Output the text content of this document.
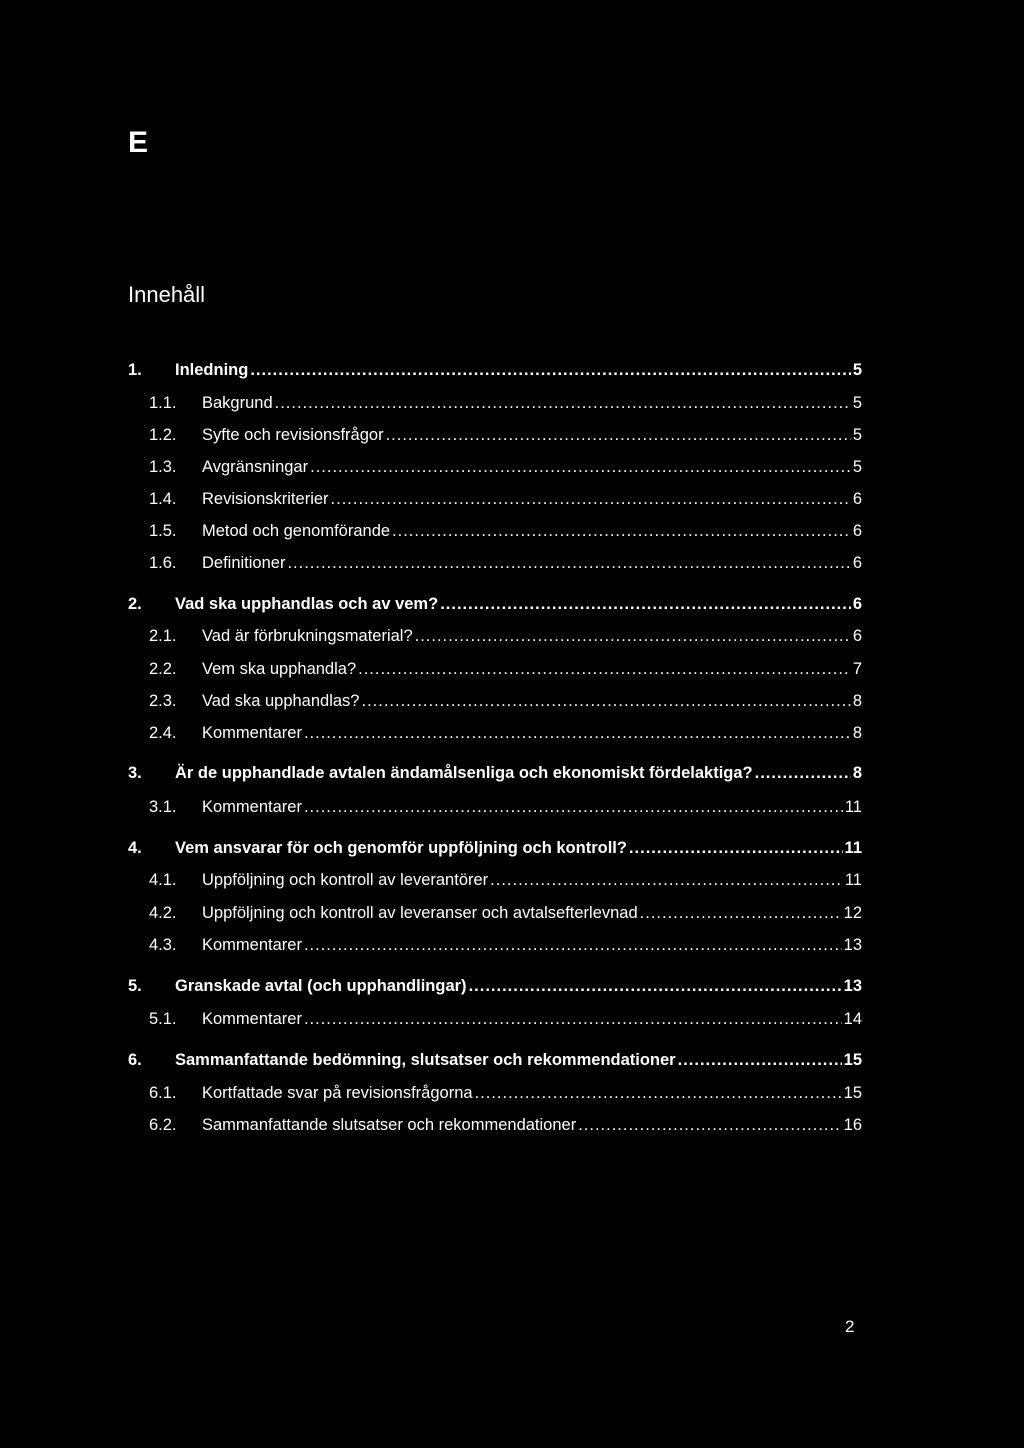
E
Innehåll
1.	Inledning .....	5
1.1.	Bakgrund .....	5
1.2.	Syfte och revisionsfrågor .....	5
1.3.	Avgränsningar .....	5
1.4.	Revisionskriterier .....	6
1.5.	Metod och genomförande .....	6
1.6.	Definitioner .....	6
2.	Vad ska upphandlas och av vem? .....	6
2.1.	Vad är förbrukningsmaterial? .....	6
2.2.	Vem ska upphandla? .....	7
2.3.	Vad ska upphandlas? .....	8
2.4.	Kommentarer .....	8
3.	Är de upphandlade avtalen ändamålsenliga och ekonomiskt fördelaktiga? .....	8
3.1.	Kommentarer .....	11
4.	Vem ansvarar för och genomför uppföljning och kontroll? .....	11
4.1.	Uppföljning och kontroll av leverantörer .....	11
4.2.	Uppföljning och kontroll av leveranser och avtalsefterlevnad .....	12
4.3.	Kommentarer .....	13
5.	Granskade avtal (och upphandlingar) .....	13
5.1.	Kommentarer .....	14
6.	Sammanfattande bedömning, slutsatser och rekommendationer .....	15
6.1.	Kortfattade svar på revisionsfrågorna .....	15
6.2.	Sammanfattande slutsatser och rekommendationer .....	16
2
